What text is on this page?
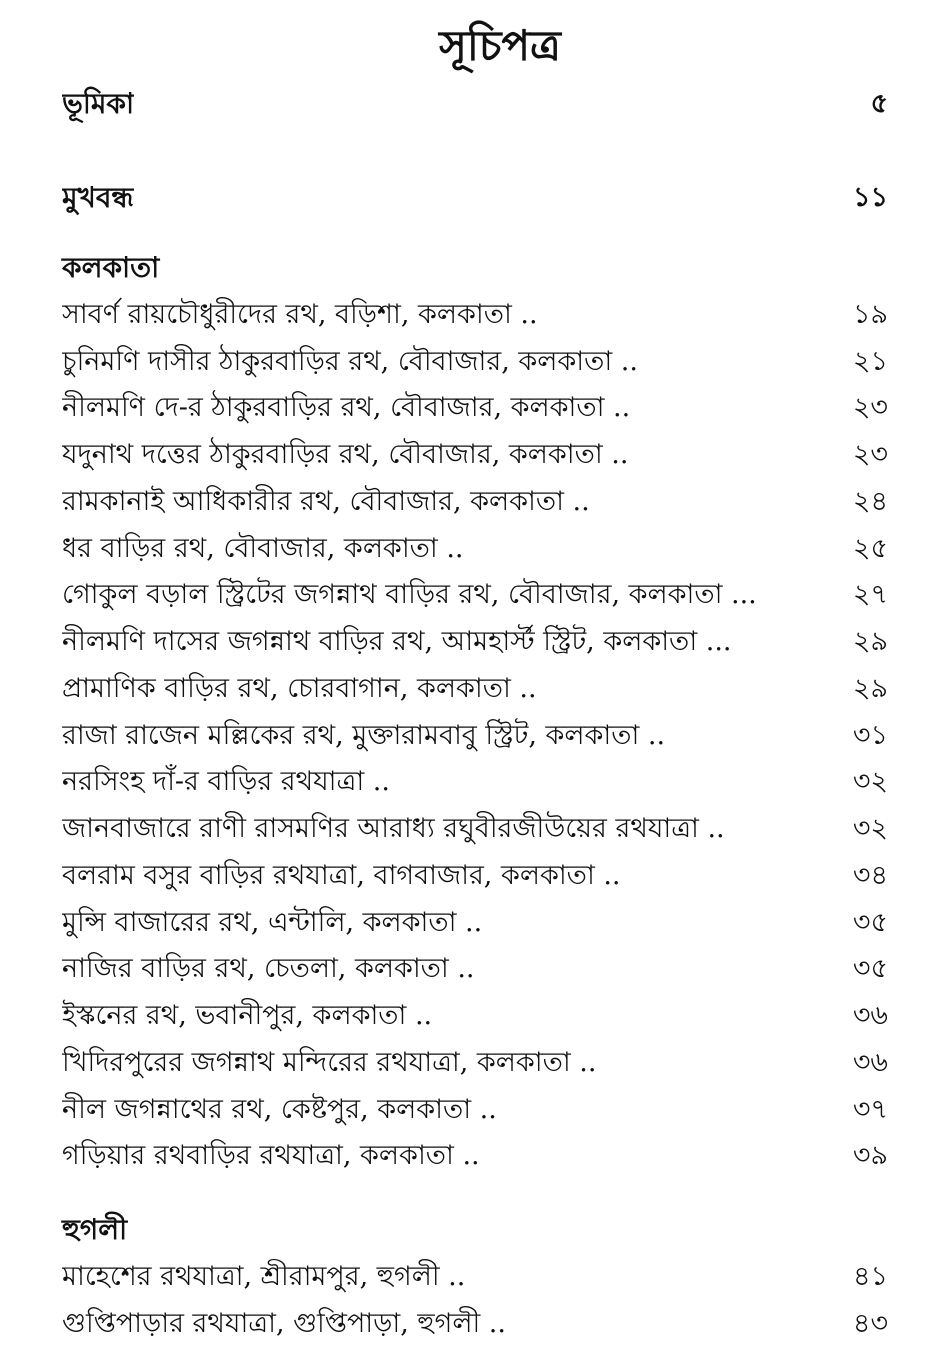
সূচিপত্র
ভূমিকা	৫
মুখবন্ধ	১১
কলকাতা
সাবর্ণ রায়চৌধুরীদের রথ, বড়িশা, কলকাতা ..	১৯
চুনিমণি দাসীর ঠাকুরবাড়ির রথ, বৌবাজার, কলকাতা ..	২১
নীলমণি দে-র ঠাকুরবাড়ির রথ, বৌবাজার, কলকাতা ..	২৩
যদুনাথ দত্তের ঠাকুরবাড়ির রথ, বৌবাজার, কলকাতা ..	২৩
রামকানাই আধিকারীর রথ, বৌবাজার, কলকাতা ..	২৪
ধর বাড়ির রথ, বৌবাজার, কলকাতা ..	২৫
গোকুল বড়াল স্ট্রিটের জগন্নাথ বাড়ির রথ, বৌবাজার, কলকাতা ...	২৭
নীলমণি দাসের জগন্নাথ বাড়ির রথ, আমহার্স্ট স্ট্রিট, কলকাতা ...	২৯
প্রামাণিক বাড়ির রথ, চোরবাগান, কলকাতা ..	২৯
রাজা রাজেন মল্লিকের রথ, মুক্তারামবাবু স্ট্রিট, কলকাতা ..	৩১
নরসিংহ দাঁ-র বাড়ির রথযাত্রা ..	৩২
জানবাজারে রাণী রাসমণির আরাধ্য রঘুবীরজীউয়ের রথযাত্রা ..	৩২
বলরাম বসুর বাড়ির রথযাত্রা, বাগবাজার, কলকাতা ..	৩৪
মুন্সি বাজারের রথ, এন্টালি, কলকাতা ..	৩৫
নাজির বাড়ির রথ, চেতলা, কলকাতা ..	৩৫
ইস্কনের রথ, ভবানীপুর, কলকাতা ..	৩৬
খিদিরপুরের জগন্নাথ মন্দিরের রথযাত্রা, কলকাতা ..	৩৬
নীল জগন্নাথের রথ, কেষ্টপুর, কলকাতা ..	৩৭
গড়িয়ার রথবাড়ির রথযাত্রা, কলকাতা ..	৩৯
হুগলী
মাহেশের রথযাত্রা, শ্রীরামপুর, হুগলী ..	৪১
গুপ্তিপাড়ার রথযাত্রা, গুপ্তিপাড়া, হুগলী ..	৪৩
